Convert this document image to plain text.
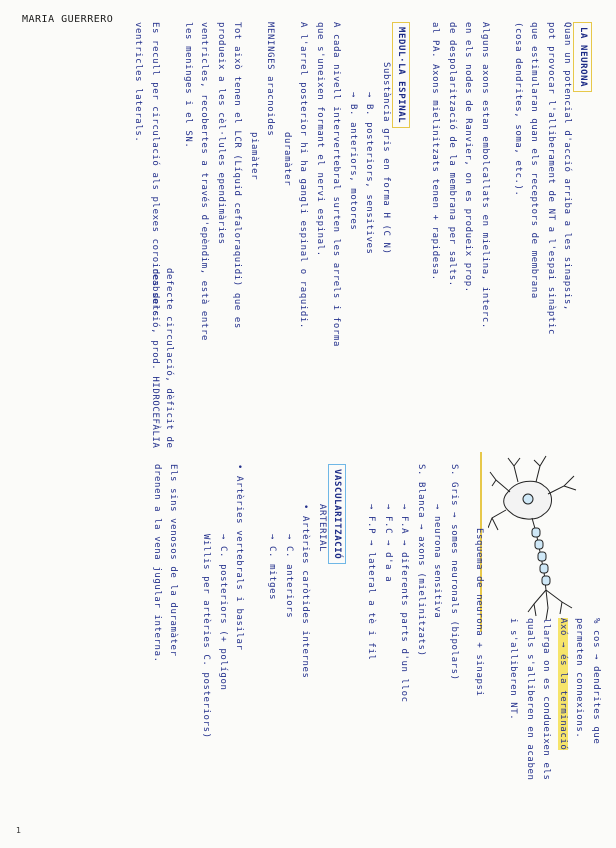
MARIA GUERRERO
LA NEURONA
Quan un potencial d'acció arriba a les sinapsis,
pot provocar l'alliberament de NT a l'espai sinàptic
que estimularan quan els receptors de membrana
(cosa dendrites, soma, etc.).
Alguns axons estan embolcallats en mielina, interc.
en els nodes de Ranvier, on es produeix prop.
de despolarització de la membrana per salts.
al PA. Axons mielinitzats tenen + rapidesa.
MEDUL·LA ESPINAL
Substància gris en forma H (C N)
→ B. posteriors, sensitives
→ B. anteriors, motores
A cada nivell intervertebral surten les arrels i forma
que s'uneixen formant el nervi espinal.
A l'arrel posterior hi ha gangli espinal o raquidi.
duramàter
MENINGES aracnoides
piamàter
Tot això tenen el LCR (Líquid cefaloraquidi) que es
produeix a les cèl·lules ependimàries
ventricles, recobertes a través d'epèndim, està entre
les meninges i el SN.
Es recull per circulació als plexes coroides dels
ventricles laterals.
defecte circulació, dèficit de reabsorció, prod. HIDROCEFÀLIA
% cos → dendrites que
permeten connexions.
Axó → és la terminació
llarga on es condueixen els
quals s'alliberen en acaben
i s'alliberen NT.
Esquema de neurona + sinapsi
S. Gris → somes neuronals (bipolars)
→ neurona sensitiva
S. Blanca → axons (mielinitzats)
→ F.A → diferents parts d'un lloc
→ F.C → d'a a
→ F.P → lateral a tè i fil
VASCULARITZACIÓ
ARTERIAL
• Artèries caròtides internes
→ C. anteriors
→ C. mitges
• Artèries vertebrals i basilar
→ C. posteriors (+ polígon
Willis per artèries C. posteriors)
Els sins venosos de la duramàter
drenen a la vena jugular interna.
1
